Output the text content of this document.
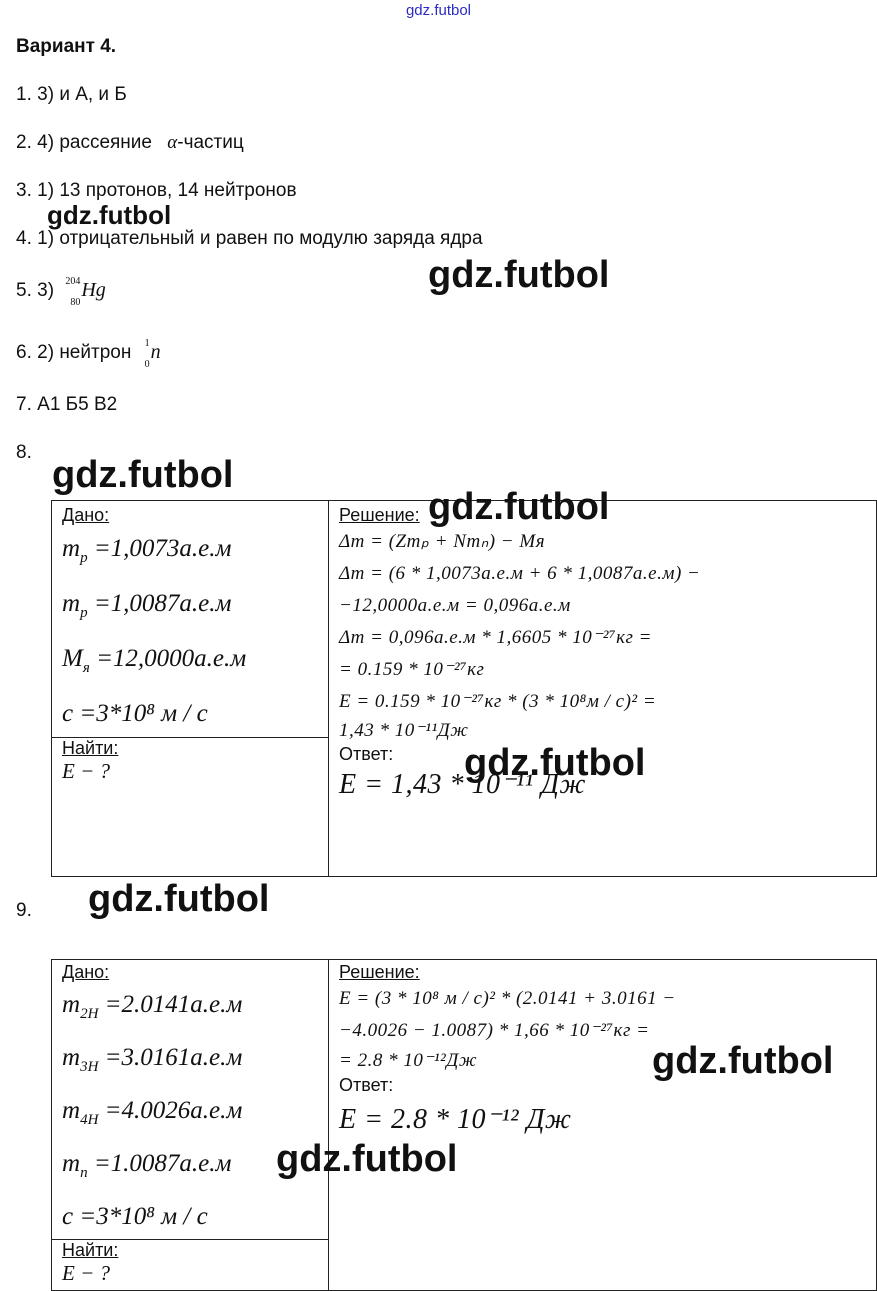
gdz.futbol
Вариант 4.
1. 3) и А, и Б
2. 4) рассеяние α-частиц
3. 1) 13 протонов, 14 нейтронов
4. 1) отрицательный и равен по модулю заряда ядра
5. 3) 204
80
Hg
6. 2) нейтрон 1
0
n
7. А1 Б5 В2
8.
Дано:
$m_p =1,0073а.е.м$
$m_p =1,0087а.е.м$
$M_я =12,0000а.е.м$
c =3*10⁸ м / с

Решение:
Δm = (Zmₚ + Nmₙ) − Mя
Δm = (6 * 1,0073а.е.м + 6 * 1,0087а.е.м) −
−12,0000а.е.м = 0,096а.е.м
Δm = 0,096а.е.м * 1,6605 * 10⁻²⁷кг =
= 0.159 * 10⁻²⁷кг
E = 0.159 * 10⁻²⁷кг * (3 * 10⁸м / с)² =
1,43 * 10⁻¹¹Дж
Ответ:
E = 1,43 * 10⁻¹¹ Дж

Найти:
E − ?
9.
Дано:
$m_{2H} =2.0141а.е.м$
$m_{3H} =3.0161а.е.м$
$m_{4H} =4.0026а.е.м$
$m_n =1.0087а.е.м$
c =3*10⁸ м / с

Решение:
E = (3 * 10⁸ м / с)² * (2.0141 + 3.0161 −
−4.0026 − 1.0087) * 1,66 * 10⁻²⁷кг =
= 2.8 * 10⁻¹²Дж
Ответ:
E = 2.8 * 10⁻¹² Дж

Найти:
E − ?
gdz.futbol
gdz.futbol
gdz.futbol
gdz.futbol
gdz.futbol
gdz.futbol
gdz.futbol
gdz.futbol
